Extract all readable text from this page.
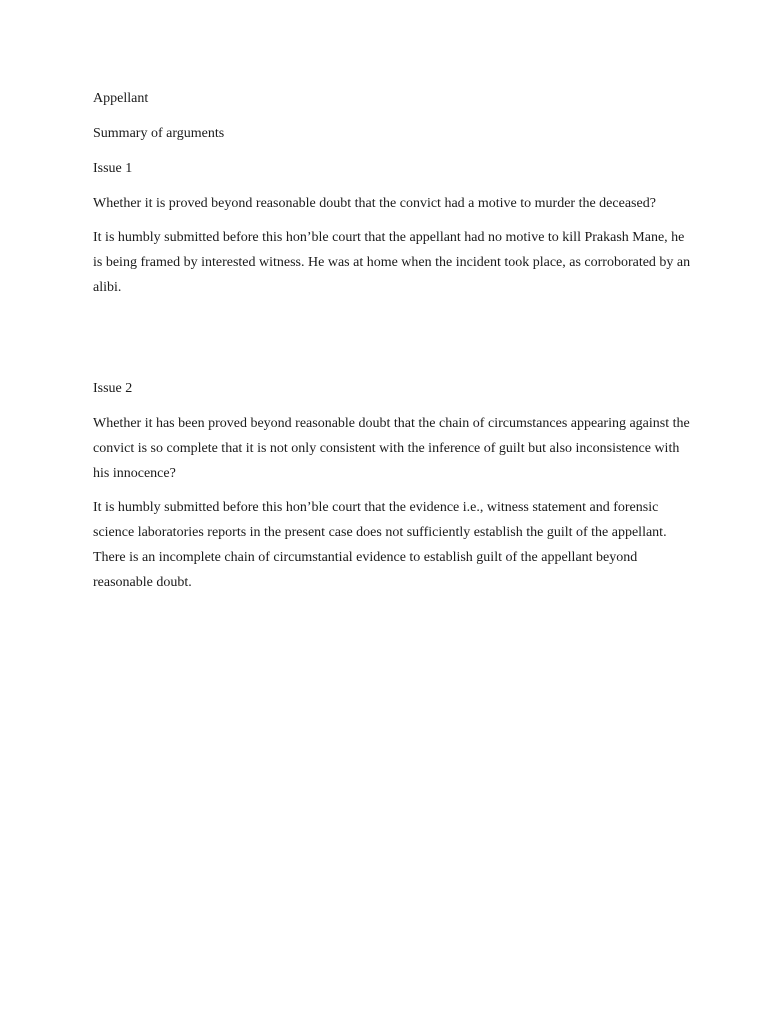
Appellant

Summary of arguments

Issue 1

Whether it is proved beyond reasonable doubt that the convict had a motive to murder the deceased?

It is humbly submitted before this hon’ble court that the appellant had no motive to kill Prakash Mane, he is being framed by interested witness. He was at home when the incident took place, as corroborated by an alibi.

Issue 2

Whether it has been proved beyond reasonable doubt that the chain of circumstances appearing against the convict is so complete that it is not only consistent with the inference of guilt but also inconsistence with his innocence?

It is humbly submitted before this hon’ble court that the evidence i.e., witness statement and forensic science laboratories reports in the present case does not sufficiently establish the guilt of the appellant. There is an incomplete chain of circumstantial evidence to establish guilt of the appellant beyond reasonable doubt.
